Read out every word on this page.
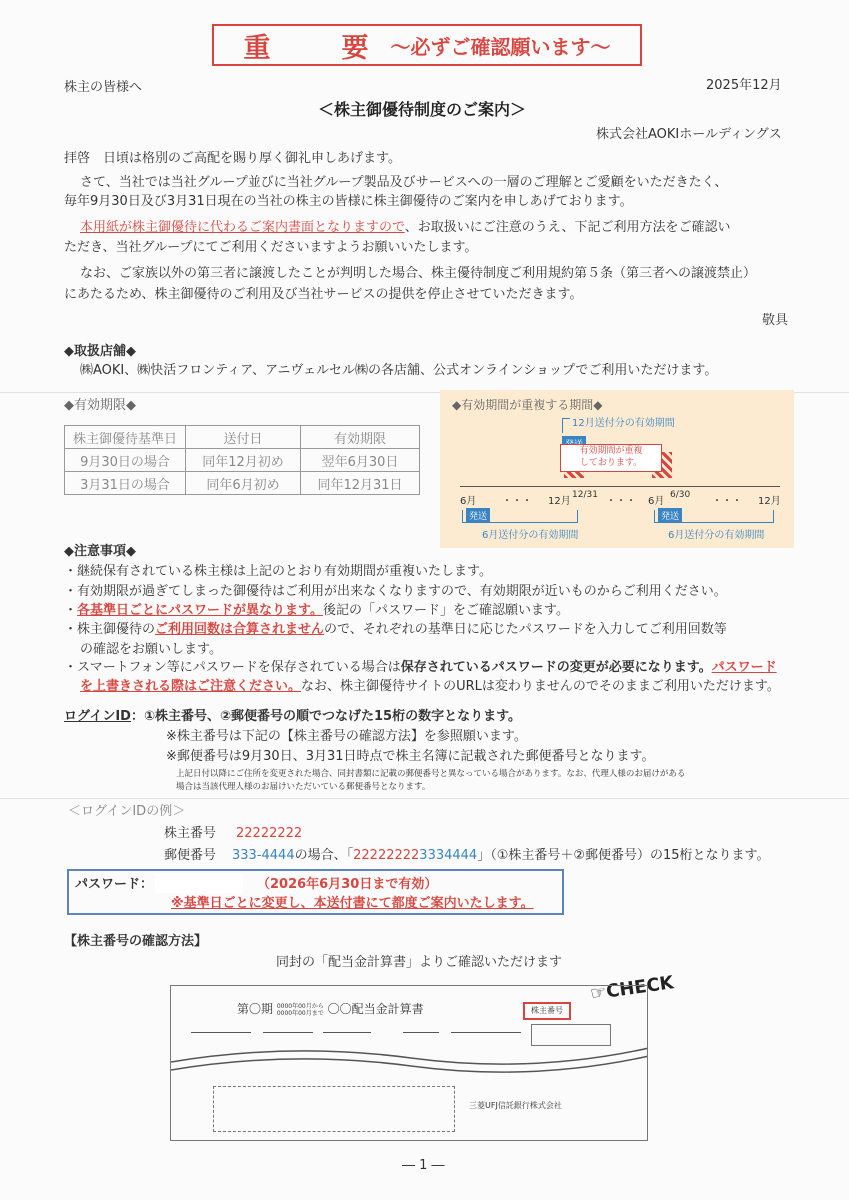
重　要 〜必ずご確認願います〜
株主の皆様へ	2025年12月
＜株主御優待制度のご案内＞
株式会社AOKIホールディングス
拝啓　日頃は格別のご高配を賜り厚く御礼申しあげます。
さて、当社では当社グループ並びに当社グループ製品及びサービスへの一層のご理解とご愛顧をいただきたく、
毎年9月30日及び3月31日現在の当社の株主の皆様に株主御優待のご案内を申しあげております。
本用紙が株主御優待に代わるご案内書面となりますので、お取扱いにご注意のうえ、下記ご利用方法をご確認い
ただき、当社グループにてご利用くださいますようお願いいたします。
なお、ご家族以外の第三者に譲渡したことが判明した場合、株主優待制度ご利用規約第５条（第三者への譲渡禁止）
にあたるため、株主御優待のご利用及び当社サービスの提供を停止させていただきます。
敬具
◆取扱店舗◆
㈱AOKI、㈱快活フロンティア、アニヴェルセル㈱の各店舗、公式オンラインショップでご利用いただけます。
◆有効期限◆
株主御優待基準日	送付日	有効期限
9月30日の場合	同年12月初め	翌年6月30日
3月31日の場合	同年6月初め	同年12月31日
◆有効期間が重複する期間◆
12月送付分の有効期間
有効期間が重複
しております。
6月	・・・ 12月
12/31
・・・ 6月
6/30
・・・ 12月
発送
6月送付分の有効期間
発送
6月送付分の有効期間
◆注意事項◆
・継続保有されている株主様は上記のとおり有効期間が重複いたします。
・有効期限が過ぎてしまった御優待はご利用が出来なくなりますので、有効期限が近いものからご利用ください。
・各基準日ごとにパスワードが異なります。後記の「パスワード」をご確認願います。
・株主御優待のご利用回数は合算されませんので、それぞれの基準日に応じたパスワードを入力してご利用回数等
の確認をお願いします。
・スマートフォン等にパスワードを保存されている場合は保存されているパスワードの変更が必要になります。パスワード
を上書きされる際はご注意ください。なお、株主御優待サイトのURLは変わりませんのでそのままご利用いただけます。
ログインID：①株主番号、②郵便番号の順でつなげた15桁の数字となります。
※株主番号は下記の【株主番号の確認方法】を参照願います。
※郵便番号は9月30日、3月31日時点で株主名簿に記載された郵便番号となります。
上記日付以降にご住所を変更された場合、同封書類に記載の郵便番号と異なっている場合があります。なお、代理人様のお届けがある
場合は当該代理人様のお届けいただいている郵便番号となります。
＜ログインIDの例＞
株主番号 22222222
郵便番号 333-4444の場合、「222222223334444」（①株主番号＋②郵便番号）の15桁となります。
パスワード：	（2026年6月30日まで有効）
※基準日ごとに変更し、本送付書にて都度ご案内いたします。
【株主番号の確認方法】
同封の「配当金計算書」よりご確認いただけます
☞CHECK
第〇期 0000年00月から
0000年00月まで 〇〇配当金計算書	株主番号
三菱UFJ信託銀行株式会社
― 1 ―
